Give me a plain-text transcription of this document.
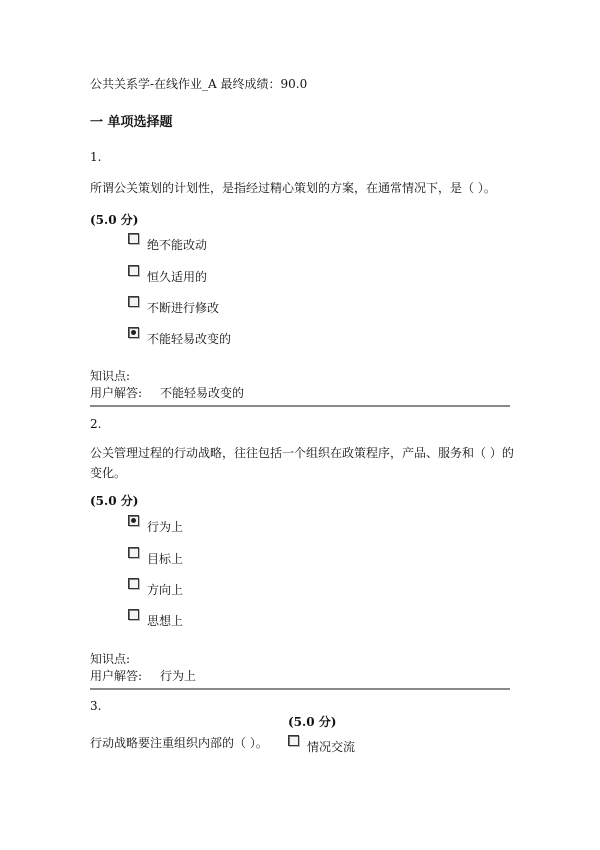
公共关系学-在线作业_A 最终成绩：90.0
一 单项选择题
1.
所谓公关策划的计划性，是指经过精心策划的方案，在通常情况下，是（ ）。
(5.0 分)
绝不能改动
恒久适用的
不断进行修改
不能轻易改变的
知识点:
用户解答: 不能轻易改变的
2.
公关管理过程的行动战略，往往包括一个组织在政策程序，产品、服务和（ ）的变化。
(5.0 分)
行为上
目标上
方向上
思想上
知识点:
用户解答: 行为上
3.
(5.0 分)
行动战略要注重组织内部的（ ）。	情况交流
